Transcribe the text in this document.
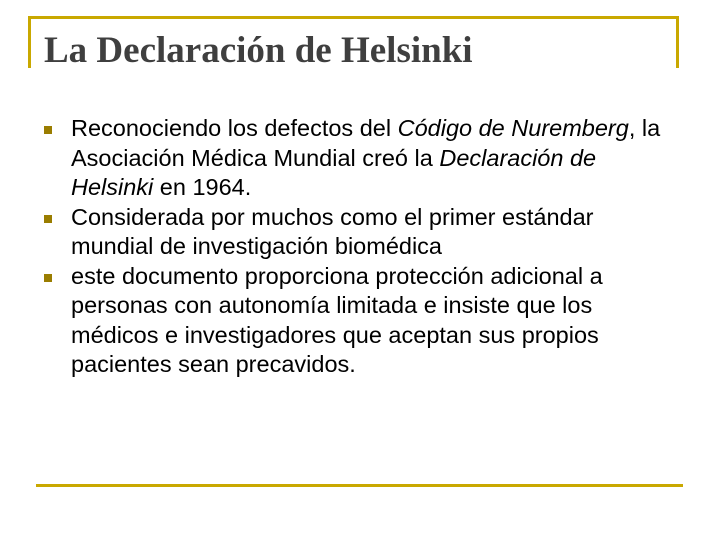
La Declaración de Helsinki
Reconociendo los defectos del Código de Nuremberg, la Asociación Médica Mundial creó la Declaración de Helsinki en 1964.
Considerada por muchos como el primer estándar mundial de investigación biomédica
este documento proporciona protección adicional a personas con autonomía limitada e insiste que los médicos e investigadores que aceptan sus propios pacientes sean precavidos.
